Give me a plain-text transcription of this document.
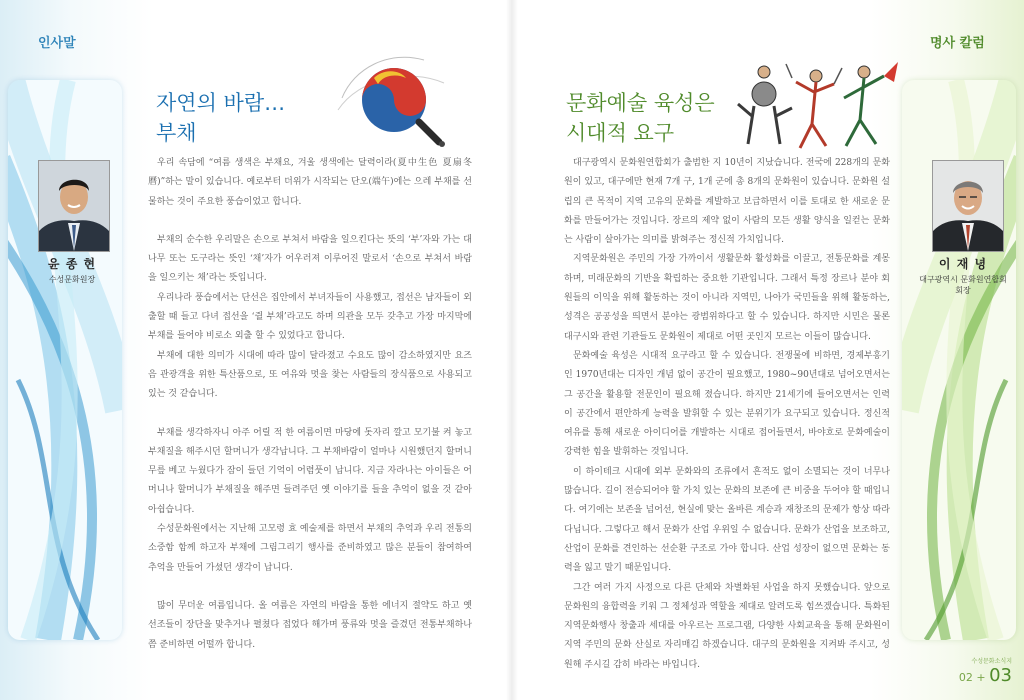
인사말
윤 종 현
수성문화원장
자연의 바람…
부채

우리 속담에 “여름 생색은 부채요, 겨울 생색에는 달력이라(夏中生色 夏扇冬曆)”하는 말이 있습니다. 예로부터 더위가 시작되는 단오(端午)에는 으레 부채를 선물하는 것이 주요한 풍습이었고 합니다.

부채의 순수한 우리말은 손으로 부쳐서 바람을 일으킨다는 뜻의 ‘부’자와 가는 대나무 또는 도구라는 뜻인 ‘채’자가 어우러져 이루어진 말로서 ‘손으로 부쳐서 바람을 일으키는 채’라는 뜻입니다.

우리나라 풍습에서는 단선은 집안에서 부녀자들이 사용했고, 접선은 남자들이 외출할 때 들고 다녀 접선을 ‘쥘 부채’라고도 하며 의관을 모두 갖추고 가장 마지막에 부채를 들어야 비로소 외출 할 수 있었다고 합니다.

부채에 대한 의미가 시대에 따라 많이 달라졌고 수요도 많이 감소하였지만 요즈음 관광객을 위한 특산품으로, 또 여유와 멋을 찾는 사람들의 장식품으로 사용되고 있는 것 같습니다.

부채를 생각하자니 아주 어릴 적 한 여름이면 마당에 돗자리 깔고 모기불 켜 놓고 부채질을 해주시던 할머니가 생각납니다. 그 부채바람이 얼마나 시원했던지 할머니 무릎 베고 누웠다가 잠이 들던 기억이 어렴풋이 납니다. 지금 자라나는 아이들은 어머니나 할머니가 부채질을 해주면 들려주던 옛 이야기를 들을 추억이 없을 것 같아 아쉽습니다.

수성문화원에서는 지난해 고모령 효 예술제를 하면서 부채의 추억과 우리 전통의 소중함 함께 하고자 부채에 그림그리기 행사를 준비하였고 많은 분들이 참여하여 추억을 만들어 가셨던 생각이 납니다.

많이 무더운 여름입니다. 올 여름은 자연의 바람을 통한 에너지 절약도 하고 옛 선조들이 장단을 맞추거나 펼쳤다 접었다 해가며 풍류와 멋을 즐겼던 전통부채하나쯤 준비하면 어떨까 합니다.

명사 칼럼
문화예술 육성은
시대적 요구

대구광역시 문화원연합회가 출범한 지 10년이 지났습니다. 전국에 228개의 문화원이 있고, 대구에만 현재 7개 구, 1개 군에 총 8개의 문화원이 있습니다. 문화원 설립의 큰 목적이 지역 고유의 문화를 계발하고 보급하면서 이를 토대로 한 새로운 문화를 만들어가는 것입니다. 장르의 제약 없이 사람의 모든 생활 양식을 일컫는 문화는 사람이 살아가는 의미를 밝혀주는 정신적 가치입니다.

지역문화원은 주민의 가장 가까이서 생활문화 활성화를 이끌고, 전통문화를 계몽하며, 미래문화의 기반을 확립하는 중요한 기관입니다. 그래서 특정 장르나 분야 회원들의 이익을 위해 활동하는 것이 아니라 지역민, 나아가 국민들을 위해 활동하는, 성격은 공공성을 띄면서 분야는 광범위하다고 할 수 있습니다. 하지만 시민은 물론 대구시와 관련 기관들도 문화원이 제대로 어떤 곳인지 모르는 이들이 많습니다.

문화예술 육성은 시대적 요구라고 할 수 있습니다. 전쟁물에 비하면, 경제부흥기인 1970년대는 디자인 개념 없이 공간이 필요했고, 1980~90년대로 넘어오면서는 그 공간을 활용할 전문인이 필요해 졌습니다. 하지만 21세기에 들어오면서는 인력이 공간에서 편안하게 능력을 발휘할 수 있는 분위기가 요구되고 있습니다. 정신적 여유를 통해 새로운 아이디어를 개발하는 시대로 접어들면서, 바야흐로 문화예술이 강력한 힘을 발휘하는 것입니다.

이 하이테크 시대에 외부 문화와의 조류에서 흔적도 없이 소멸되는 것이 너무나 많습니다. 길이 전승되어야 할 가치 있는 문화의 보존에 큰 비중을 두어야 할 때입니다. 여기에는 보존을 넘어선, 현실에 맞는 올바른 계승과 재창조의 문제가 항상 따라다닙니다. 그렇다고 해서 문화가 산업 우위일 수 없습니다. 문화가 산업을 보조하고, 산업이 문화를 견인하는 선순환 구조로 가야 합니다. 산업 성장이 없으면 문화는 동력을 잃고 말기 때문입니다.

그간 여러 가지 사정으로 다른 단체와 차별화된 사업을 하지 못했습니다. 앞으로 문화원의 융합력을 키워 그 정체성과 역할을 제대로 알려도록 힘쓰겠습니다. 특화된 지역문화행사 창출과 세대를 아우르는 프로그램, 다양한 사회교육을 통해 문화원이 지역 주민의 문화 산실로 자리매김 하겠습니다. 대구의 문화원을 지켜봐 주시고, 성원해 주시길 감히 바라는 바입니다.

이 재 녕
대구광역시 문화원연합회
회장
수성문화소식지
02 + 03
